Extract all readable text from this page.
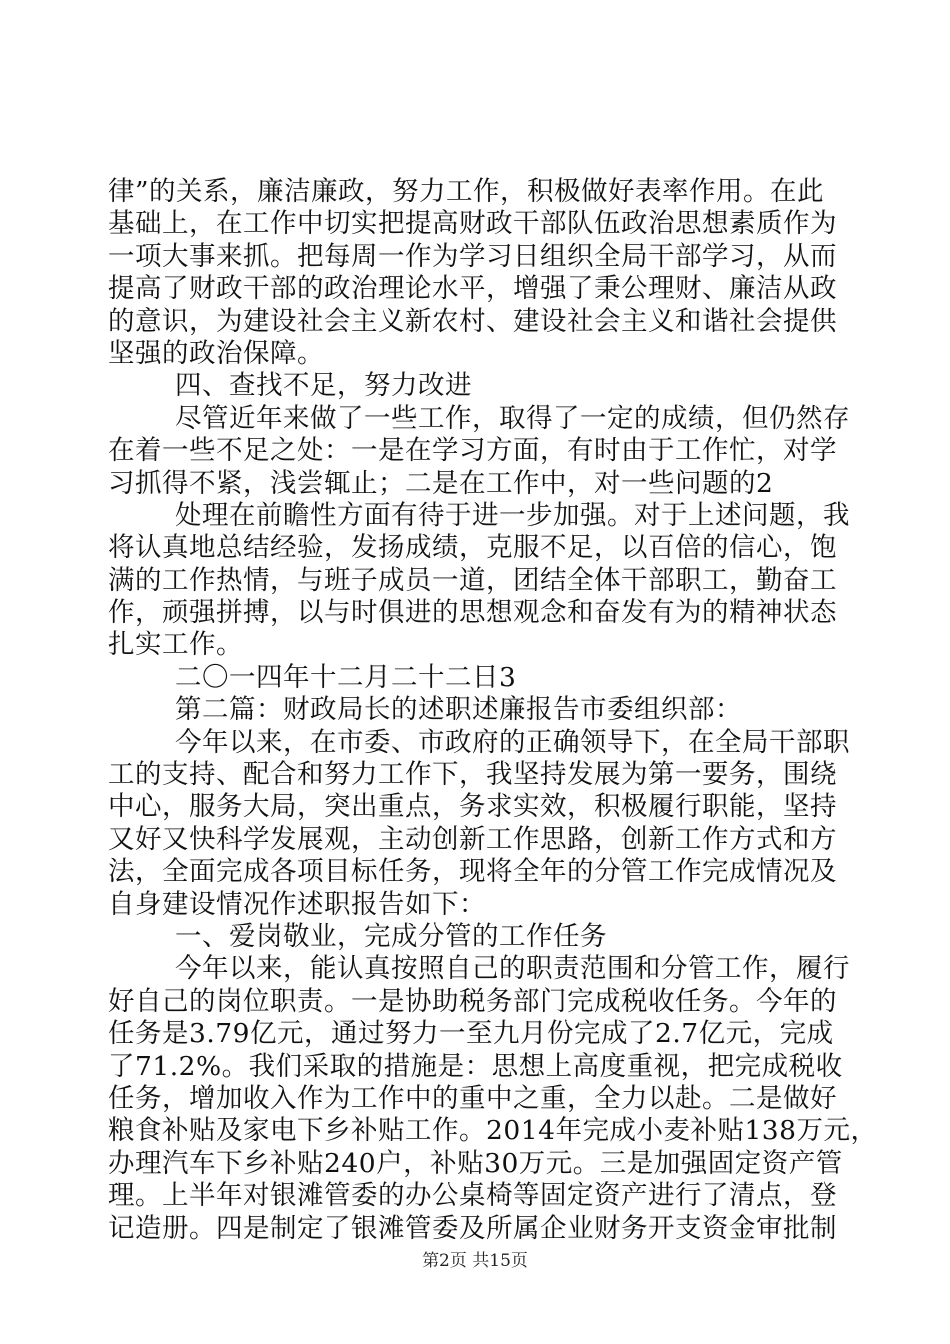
律”的关系，廉洁廉政，努力工作，积极做好表率作用。在此
基础上，在工作中切实把提高财政干部队伍政治思想素质作为
一项大事来抓。把每周一作为学习日组织全局干部学习，从而
提高了财政干部的政治理论水平，增强了秉公理财、廉洁从政
的意识，为建设社会主义新农村、建设社会主义和谐社会提供
坚强的政治保障。
四、查找不足，努力改进
尽管近年来做了一些工作，取得了一定的成绩，但仍然存
在着一些不足之处：一是在学习方面，有时由于工作忙，对学
习抓得不紧，浅尝辄止；二是在工作中，对一些问题的2
处理在前瞻性方面有待于进一步加强。对于上述问题，我
将认真地总结经验，发扬成绩，克服不足，以百倍的信心，饱
满的工作热情，与班子成员一道，团结全体干部职工，勤奋工
作，顽强拼搏，以与时俱进的思想观念和奋发有为的精神状态
扎实工作。
二〇一四年十二月二十二日3
第二篇：财政局长的述职述廉报告市委组织部：
今年以来，在市委、市政府的正确领导下，在全局干部职
工的支持、配合和努力工作下，我坚持发展为第一要务，围绕
中心，服务大局，突出重点，务求实效，积极履行职能，坚持
又好又快科学发展观，主动创新工作思路，创新工作方式和方
法，全面完成各项目标任务，现将全年的分管工作完成情况及
自身建设情况作述职报告如下：
一、爱岗敬业，完成分管的工作任务
今年以来，能认真按照自己的职责范围和分管工作，履行
好自己的岗位职责。一是协助税务部门完成税收任务。今年的
任务是3.79亿元，通过努力一至九月份完成了2.7亿元，完成
了71.2%。我们采取的措施是：思想上高度重视，把完成税收
任务，增加收入作为工作中的重中之重，全力以赴。二是做好
粮食补贴及家电下乡补贴工作。2014年完成小麦补贴138万元，
办理汽车下乡补贴240户，补贴30万元。三是加强固定资产管
理。上半年对银滩管委的办公桌椅等固定资产进行了清点，登
记造册。四是制定了银滩管委及所属企业财务开支资金审批制
第2页 共15页
